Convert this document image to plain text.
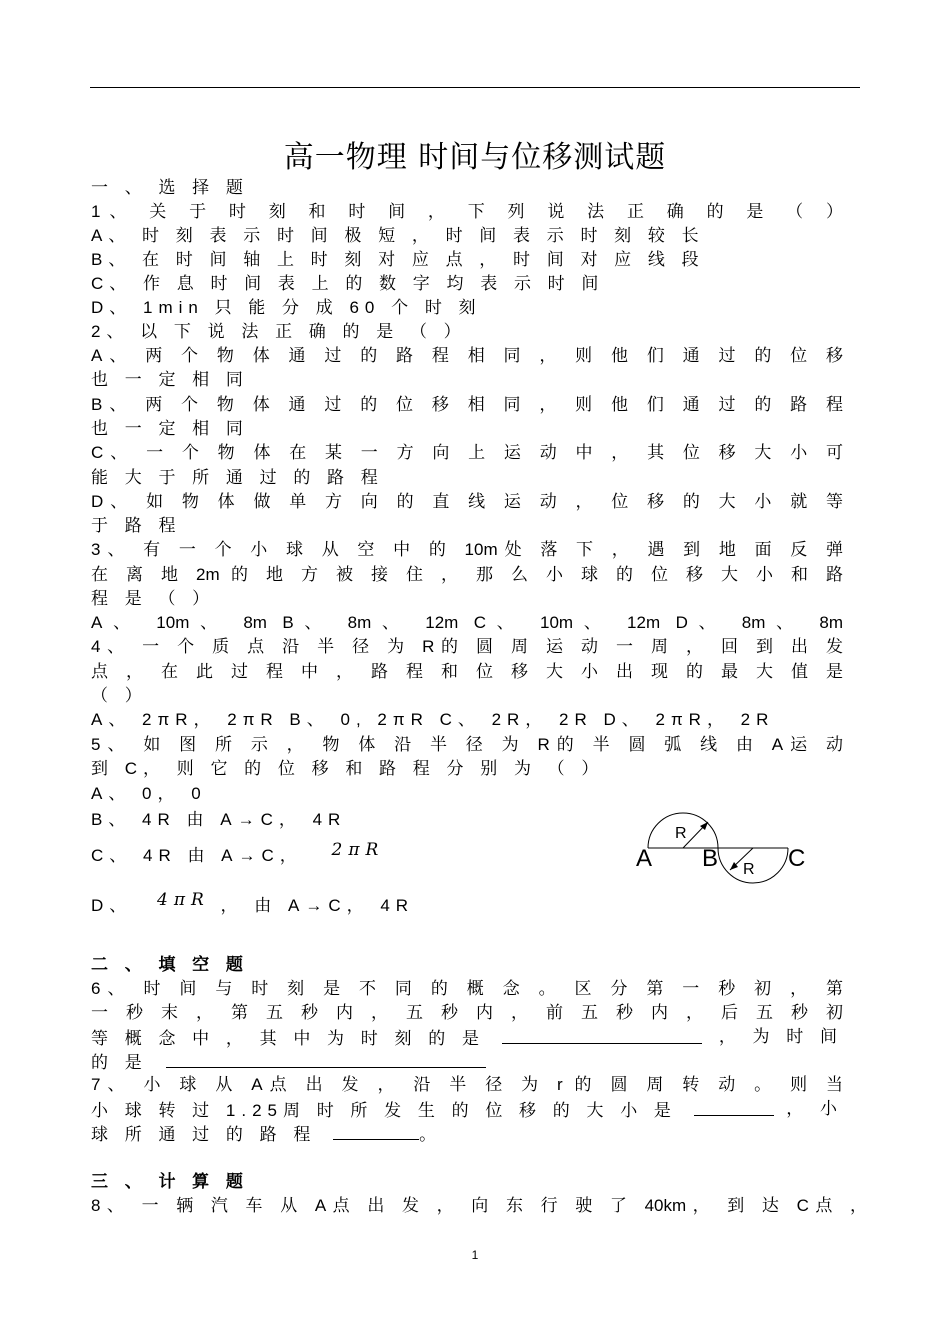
高一物理 时间与位移测试题
一 、 选 择 题
1、 关 于 时 刻 和 时 间 ， 下 列 说 法 正 确 的 是 （ ）
A、 时 刻 表 示 时 间 极 短 ， 时 间 表 示 时 刻 较 长
B、 在 时 间 轴 上 时 刻 对 应 点 ， 时 间 对 应 线 段
C、 作 息 时 间 表 上 的 数 字 均 表 示 时 间
D、 1min 只 能 分 成 60 个 时 刻
2、 以 下 说 法 正 确 的 是 （ ）
A、 两 个 物 体 通 过 的 路 程 相 同 ， 则 他 们 通 过 的 位 移
也 一 定 相 同
B、 两 个 物 体 通 过 的 位 移 相 同 ， 则 他 们 通 过 的 路 程
也 一 定 相 同
C、 一 个 物 体 在 某 一 方 向 上 运 动 中 ， 其 位 移 大 小 可
能 大 于 所 通 过 的 路 程
D、 如 物 体 做 单 方 向 的 直 线 运 动 ， 位 移 的 大 小 就 等
于 路 程
3、 有 一 个 小 球 从 空 中 的 10m处 落 下 ， 遇 到 地 面 反 弹
在 离 地 2m 的 地 方 被 接 住 ， 那 么 小 球 的 位 移 大 小 和 路
程 是 （ ）
A、 10m、 8m B、 8m、 12m C、 10m、 12m D、 8m、 8m
4、 一 个 质 点 沿 半 径 为 R的 圆 周 运 动 一 周 ， 回 到 出 发
点 ， 在 此 过 程 中 ， 路 程 和 位 移 大 小 出 现 的 最 大 值 是
（ ）
A、 2πR， 2πR B、 0, 2πR C、 2R， 2R D、 2πR， 2R
5、 如 图 所 示 ， 物 体 沿 半 径 为 R的 半 圆 弧 线 由 A运 动
到 C， 则 它 的 位 移 和 路 程 分 别 为 （ ）
A、 0， 0
B、 4R 由 A→C， 4R
C、 4R 由 A→C， 2πR
D、 4πR ， 由 A→C， 4R
R
R
A B	C
二 、 填 空 题
6、 时 间 与 时 刻 是 不 同 的 概 念 。 区 分 第 一 秒 初 ， 第
一 秒 末 ， 第 五 秒 内 ， 五 秒 内 ， 前 五 秒 内 ， 后 五 秒 初
等 概 念 中 ， 其 中 为 时 刻 的 是	， 为 时 间
的 是
7、 小 球 从 A点 出 发 ， 沿 半 径 为 r 的 圆 周 转 动 。 则 当
小 球 转 过 1.25周 时 所 发 生 的 位 移 的 大 小 是	， 小
球 所 通 过 的 路 程	。
三 、 计 算 题
8、 一 辆 汽 车 从 A点 出 发 ， 向 东 行 驶 了 40km， 到 达 C点 ，
1
